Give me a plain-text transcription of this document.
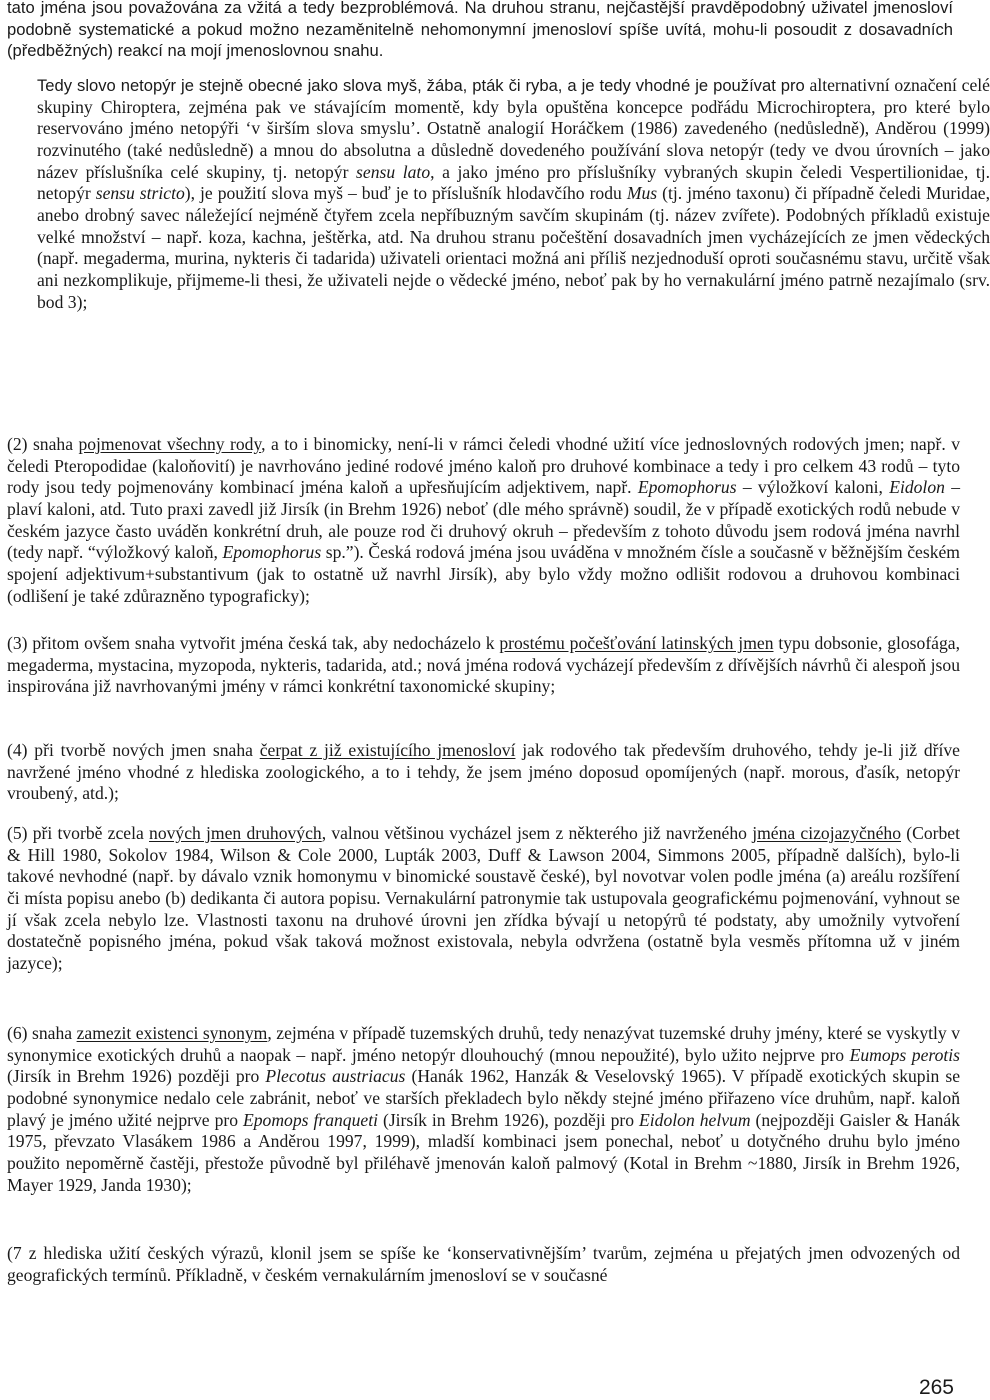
tato jména jsou považována za vžitá a tedy bezproblémová. Na druhou stranu, nejčastější pravděpodobný uživatel jmenosloví podobně systematické a pokud možno nezaměnitelně nehomonymní jmenosloví spíše uvítá, mohu-li posoudit z dosavadních (předběžných) reakcí na mojí jmenoslovnou snahu.

Tedy slovo netopýr je stejně obecné jako slova myš, žába, pták či ryba, a je tedy vhodné je používat pro alternativní označení celé skupiny Chiroptera, zejména pak ve stávajícím momentě, kdy byla opuštěna koncepce podřádu Microchiroptera, pro které bylo reservováno jméno netopýři ‘v širším slova smyslu’. Ostatně analogií Horáčkem (1986) zavedeného (nedůsledně), Anděrou (1999) rozvinutého (také nedůsledně) a mnou do absolutna a důsledně dovedeného používání slova netopýr (tedy ve dvou úrovních – jako název příslušníka celé skupiny, tj. netopýr sensu lato, a jako jméno pro příslušníky vybraných skupin čeledi Vespertilionidae, tj. netopýr sensu stricto), je použití slova myš – buď je to příslušník hlodavčího rodu Mus (tj. jméno taxonu) či případně čeledi Muridae, anebo drobný savec náležející nejméně čtyřem zcela nepříbuzným savčím skupinám (tj. název zvířete). Podobných příkladů existuje velké množství – např. koza, kachna, ještěrka, atd. Na druhou stranu počeštění dosavadních jmen vycházejících ze jmen vědeckých (např. megaderma, murina, nykteris či tadarida) uživateli orientaci možná ani příliš nezjednoduší oproti současnému stavu, určitě však ani nezkomplikuje, přijmeme-li thesi, že uživateli nejde o vědecké jméno, neboť pak by ho vernakulární jméno patrně nezajímalo (srv. bod 3);

(2) snaha pojmenovat všechny rody, a to i binomicky, není-li v rámci čeledi vhodné užití více jednoslovných rodových jmen; např. v čeledi Pteropodidae (kaloňovití) je navrhováno jediné rodové jméno kaloň pro druhové kombinace a tedy i pro celkem 43 rodů – tyto rody jsou tedy pojmenovány kombinací jména kaloň a upřesňujícím adjektivem, např. Epomophorus – výložkoví kaloni, Eidolon – plaví kaloni, atd. Tuto praxi zavedl již Jirsík (in Brehm 1926) neboť (dle mého správně) soudil, že v případě exotických rodů nebude v českém jazyce často uváděn konkrétní druh, ale pouze rod či druhový okruh – především z tohoto důvodu jsem rodová jména navrhl (tedy např. “výložkový kaloň, Epomophorus sp.”). Česká rodová jména jsou uváděna v množném čísle a současně v běžnějším českém spojení adjektivum+substantivum (jak to ostatně už navrhl Jirsík), aby bylo vždy možno odlišit rodovou a druhovou kombinaci (odlišení je také zdůrazněno typograficky);

(3) přitom ovšem snaha vytvořit jména česká tak, aby nedocházelo k prostému počešťování latinských jmen typu dobsonie, glosofága, megaderma, mystacina, myzopoda, nykteris, tadarida, atd.; nová jména rodová vycházejí především z dřívějších návrhů či alespoň jsou inspirována již navrhovanými jmény v rámci konkrétní taxonomické skupiny;

(4) při tvorbě nových jmen snaha čerpat z již existujícího jmenosloví jak rodového tak především druhového, tehdy je-li již dříve navržené jméno vhodné z hlediska zoologického, a to i tehdy, že jsem jméno doposud opomíjených (např. morous, ďasík, netopýr vroubený, atd.);

(5) při tvorbě zcela nových jmen druhových, valnou většinou vycházel jsem z některého již navrženého jména cizojazyčného (Corbet & Hill 1980, Sokolov 1984, Wilson & Cole 2000, Lupták 2003, Duff & Lawson 2004, Simmons 2005, případně dalších), bylo-li takové nevhodné (např. by dávalo vznik homonymu v binomické soustavě české), byl novotvar volen podle jména (a) areálu rozšíření či místa popisu anebo (b) dedikanta či autora popisu. Vernakulární patronymie tak ustupovala geografickému pojmenování, vyhnout se jí však zcela nebylo lze. Vlastnosti taxonu na druhové úrovni jen zřídka bývají u netopýrů té podstaty, aby umožnily vytvoření dostatečně popisného jména, pokud však taková možnost existovala, nebyla odvržena (ostatně byla vesměs přítomna už v jiném jazyce);

(6) snaha zamezit existenci synonym, zejména v případě tuzemských druhů, tedy nenazývat tuzemské druhy jmény, které se vyskytly v synonymice exotických druhů a naopak – např. jméno netopýr dlouhouchý (mnou nepoužité), bylo užito nejprve pro Eumops perotis (Jirsík in Brehm 1926) později pro Plecotus austriacus (Hanák 1962, Hanzák & Veselovský 1965). V případě exotických skupin se podobné synonymice nedalo cele zabránit, neboť ve starších překladech bylo někdy stejné jméno přiřazeno více druhům, např. kaloň plavý je jméno užité nejprve pro Epomops franqueti (Jirsík in Brehm 1926), později pro Eidolon helvum (nejpozději Gaisler & Hanák 1975, převzato Vlasákem 1986 a Anděrou 1997, 1999), mladší kombinaci jsem ponechal, neboť u dotyčného druhu bylo jméno použito nepoměrně častěji, přestože původně byl přiléhavě jmenován kaloň palmový (Kotal in Brehm ~1880, Jirsík in Brehm 1926, Mayer 1929, Janda 1930);

(7 z hlediska užití českých výrazů, klonil jsem se spíše ke ‘konservativnějším’ tvarům, zejména u přejatých jmen odvozených od geografických termínů. Příkladně, v českém vernakulárním jmenosloví se v současné

265
